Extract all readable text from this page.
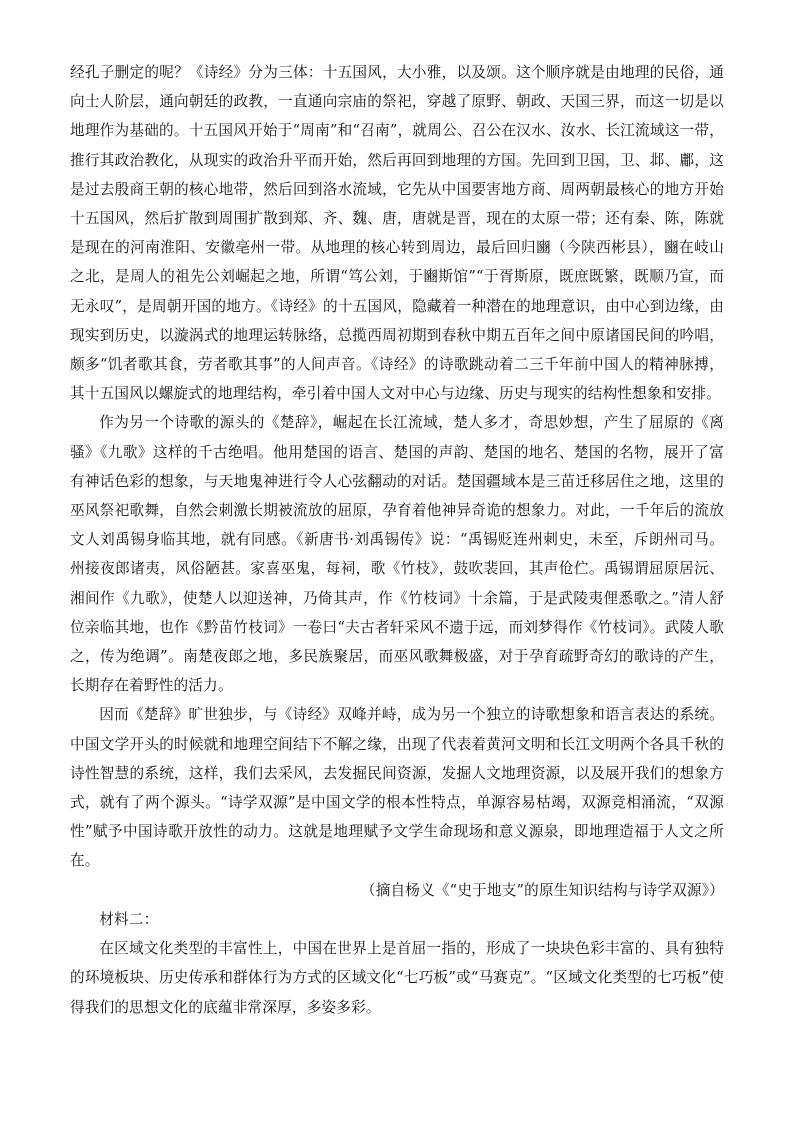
经孔子删定的呢？《诗经》分为三体：十五国风，大小雅，以及颂。这个顺序就是由地理的民俗，通向士人阶层，通向朝廷的政教，一直通向宗庙的祭祀，穿越了原野、朝政、天国三界，而这一切是以地理作为基础的。十五国风开始于“周南”和“召南”，就周公、召公在汉水、汝水、长江流域这一带，推行其政治教化，从现实的政治升平而开始，然后再回到地理的方国。先回到卫国，卫、邶、鄘，这是过去殷商王朝的核心地带，然后回到洛水流域，它先从中国要害地方商、周两朝最核心的地方开始十五国风，然后扩散到周围扩散到郑、齐、魏、唐，唐就是晋，现在的太原一带；还有秦、陈，陈就是现在的河南淮阳、安徽亳州一带。从地理的核心转到周边，最后回归豳（今陕西彬县），豳在岐山之北，是周人的祖先公刘崛起之地，所谓“笃公刘，于豳斯馆”“于胥斯原，既庶既繁，既顺乃宣，而无永叹”，是周朝开国的地方。《诗经》的十五国风，隐藏着一种潜在的地理意识，由中心到边缘，由现实到历史，以漩涡式的地理运转脉络，总揽西周初期到春秋中期五百年之间中原诸国民间的吟唱，颇多“饥者歌其食，劳者歌其事”的人间声音。《诗经》的诗歌跳动着二三千年前中国人的精神脉搏，其十五国风以螺旋式的地理结构，牵引着中国人文对中心与边缘、历史与现实的结构性想象和安排。

作为另一个诗歌的源头的《楚辞》，崛起在长江流域，楚人多才，奇思妙想，产生了屈原的《离骚》《九歌》这样的千古绝唱。他用楚国的语言、楚国的声韵、楚国的地名、楚国的名物，展开了富有神话色彩的想象，与天地鬼神进行令人心弦翻动的对话。楚国疆域本是三苗迁移居住之地，这里的巫风祭祀歌舞，自然会刺激长期被流放的屈原，孕育着他神异奇诡的想象力。对此，一千年后的流放文人刘禹锡身临其地，就有同感。《新唐书·刘禹锡传》说：“禹锡贬连州刺史，未至，斥朗州司马。州接夜郎诸夷，风俗陋甚。家喜巫鬼，每祠，歌《竹枝》，鼓吹裴回，其声伧伫。禹锡谓屈原居沅、湘间作《九歌》，使楚人以迎送神，乃倚其声，作《竹枝词》十余篇，于是武陵夷俚悉歌之。”清人舒位亲临其地，也作《黔苗竹枝词》一卷曰“夫古者轩采风不遗于远，而刘梦得作《竹枝词》。武陵人歌之，传为绝调”。南楚夜郎之地，多民族聚居，而巫风歌舞极盛，对于孕育疏野奇幻的歌诗的产生，长期存在着野性的活力。

因而《楚辞》旷世独步，与《诗经》双峰并峙，成为另一个独立的诗歌想象和语言表达的系统。中国文学开头的时候就和地理空间结下不解之缘，出现了代表着黄河文明和长江文明两个各具千秋的诗性智慧的系统，这样，我们去采风，去发掘民间资源，发掘人文地理资源，以及展开我们的想象方式，就有了两个源头。“诗学双源”是中国文学的根本性特点，单源容易枯竭，双源竞相涌流，“双源性”赋予中国诗歌开放性的动力。这就是地理赋予文学生命现场和意义源泉，即地理造福于人文之所在。

（摘自杨义《“史于地支”的原生知识结构与诗学双源》）

材料二：

在区域文化类型的丰富性上，中国在世界上是首屈一指的，形成了一块块色彩丰富的、具有独特的环境板块、历史传承和群体行为方式的区域文化“七巧板”或“马赛克”。“区域文化类型的七巧板”使得我们的思想文化的底蕴非常深厚，多姿多彩。
